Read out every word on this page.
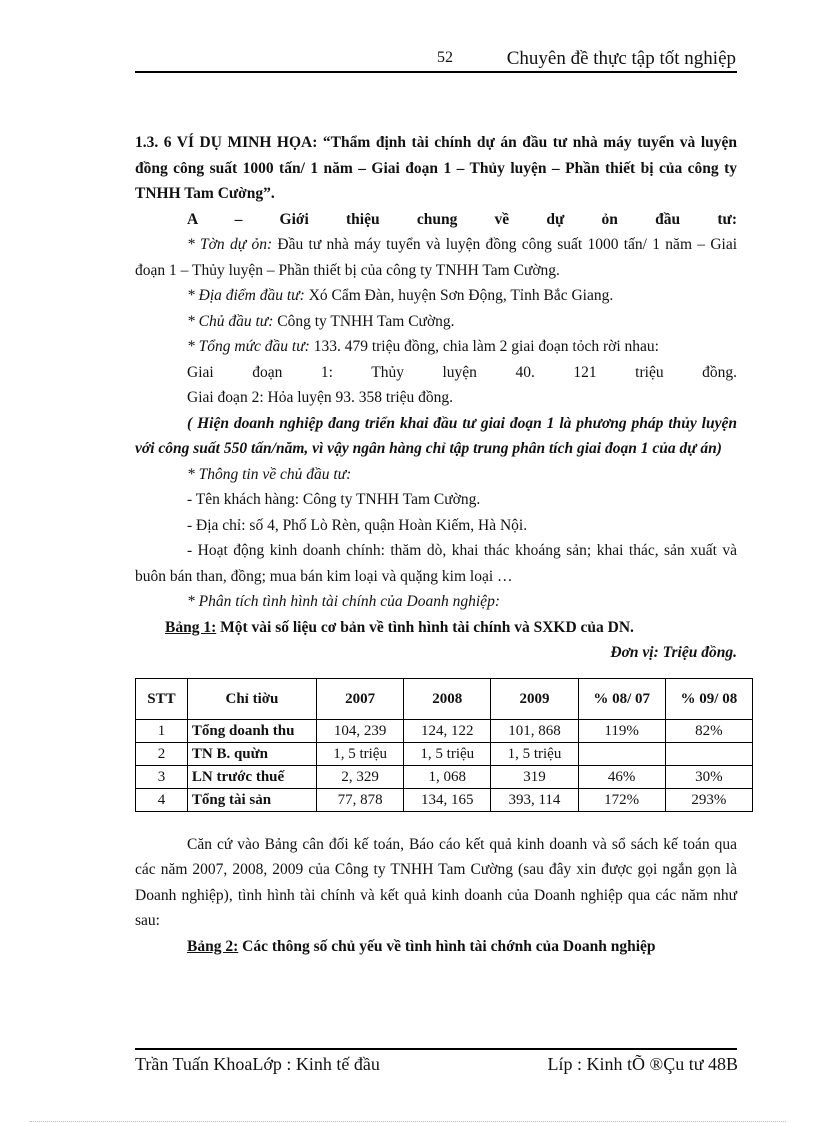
52	Chuyên đề thực tập tốt nghiệp

1.3. 6 VÍ DỤ MINH HỌA: “Thẩm định tài chính dự án đầu tư nhà máy tuyển và luyện đồng công suất 1000 tấn/ 1 năm – Giai đoạn 1 – Thủy luyện – Phần thiết bị của công ty TNHH Tam Cường”.

A – Giới thiệu chung về dự ỏn đầu tư:

* Tờn dự ỏn: Đầu tư nhà máy tuyển và luyện đồng công suất 1000 tấn/ 1 năm – Giai đoạn 1 – Thủy luyện – Phần thiết bị của công ty TNHH Tam Cường.

* Địa điểm đầu tư: Xó Cẩm Đàn, huyện Sơn Động, Tỉnh Bắc Giang.

* Chủ đầu tư: Công ty TNHH Tam Cường.

* Tổng mức đầu tư: 133. 479 triệu đồng, chia làm 2 giai đoạn tỏch rời nhau:

Giai đoạn 1: Thủy luyện 40. 121 triệu đồng.

Giai đoạn 2: Hỏa luyện 93. 358 triệu đồng.

( Hiện doanh nghiệp đang triển khai đầu tư giai đoạn 1 là phương pháp thủy luyện với công suất 550 tấn/năm, vì vậy ngân hàng chỉ tập trung phân tích giai đoạn 1 của dự án)

* Thông tin về chủ đầu tư:

- Tên khách hàng: Công ty TNHH Tam Cường.

- Địa chỉ: số 4, Phố Lò Rèn, quận Hoàn Kiếm, Hà Nội.

- Hoạt động kinh doanh chính: thăm dò, khai thác khoáng sản; khai thác, sản xuất và buôn bán than, đồng; mua bán kim loại và quặng kim loại …

* Phân tích tình hình tài chính của Doanh nghiệp:

Bảng 1: Một vài số liệu cơ bản về tình hình tài chính và SXKD của DN.

Đơn vị: Triệu đồng.

STT	Chỉ tiờu	2007	2008	2009	% 08/ 07	% 09/ 08
1	Tổng doanh thu	104, 239	124, 122	101, 868	119%	82%
2	TN B. quừn	1, 5 triệu	1, 5 triệu	1, 5 triệu		
3	LN trước thuế	2, 329	1, 068	319	46%	30%
4	Tổng tài sản	77, 878	134, 165	393, 114	172%	293%

Căn cứ vào Bảng cân đối kế toán, Báo cáo kết quả kinh doanh và sổ sách kế toán qua các năm 2007, 2008, 2009 của Công ty TNHH Tam Cường (sau đây xin được gọi ngắn gọn là Doanh nghiệp), tình hình tài chính và kết quả kinh doanh của Doanh nghiệp qua các năm như sau:

Bảng 2: Các thông số chủ yếu về tình hình tài chớnh của Doanh nghiệp

Trần Tuấn KhoaLớp : Kinh tế đầu	Líp : Kinh tÕ ®Çu tư 48B
